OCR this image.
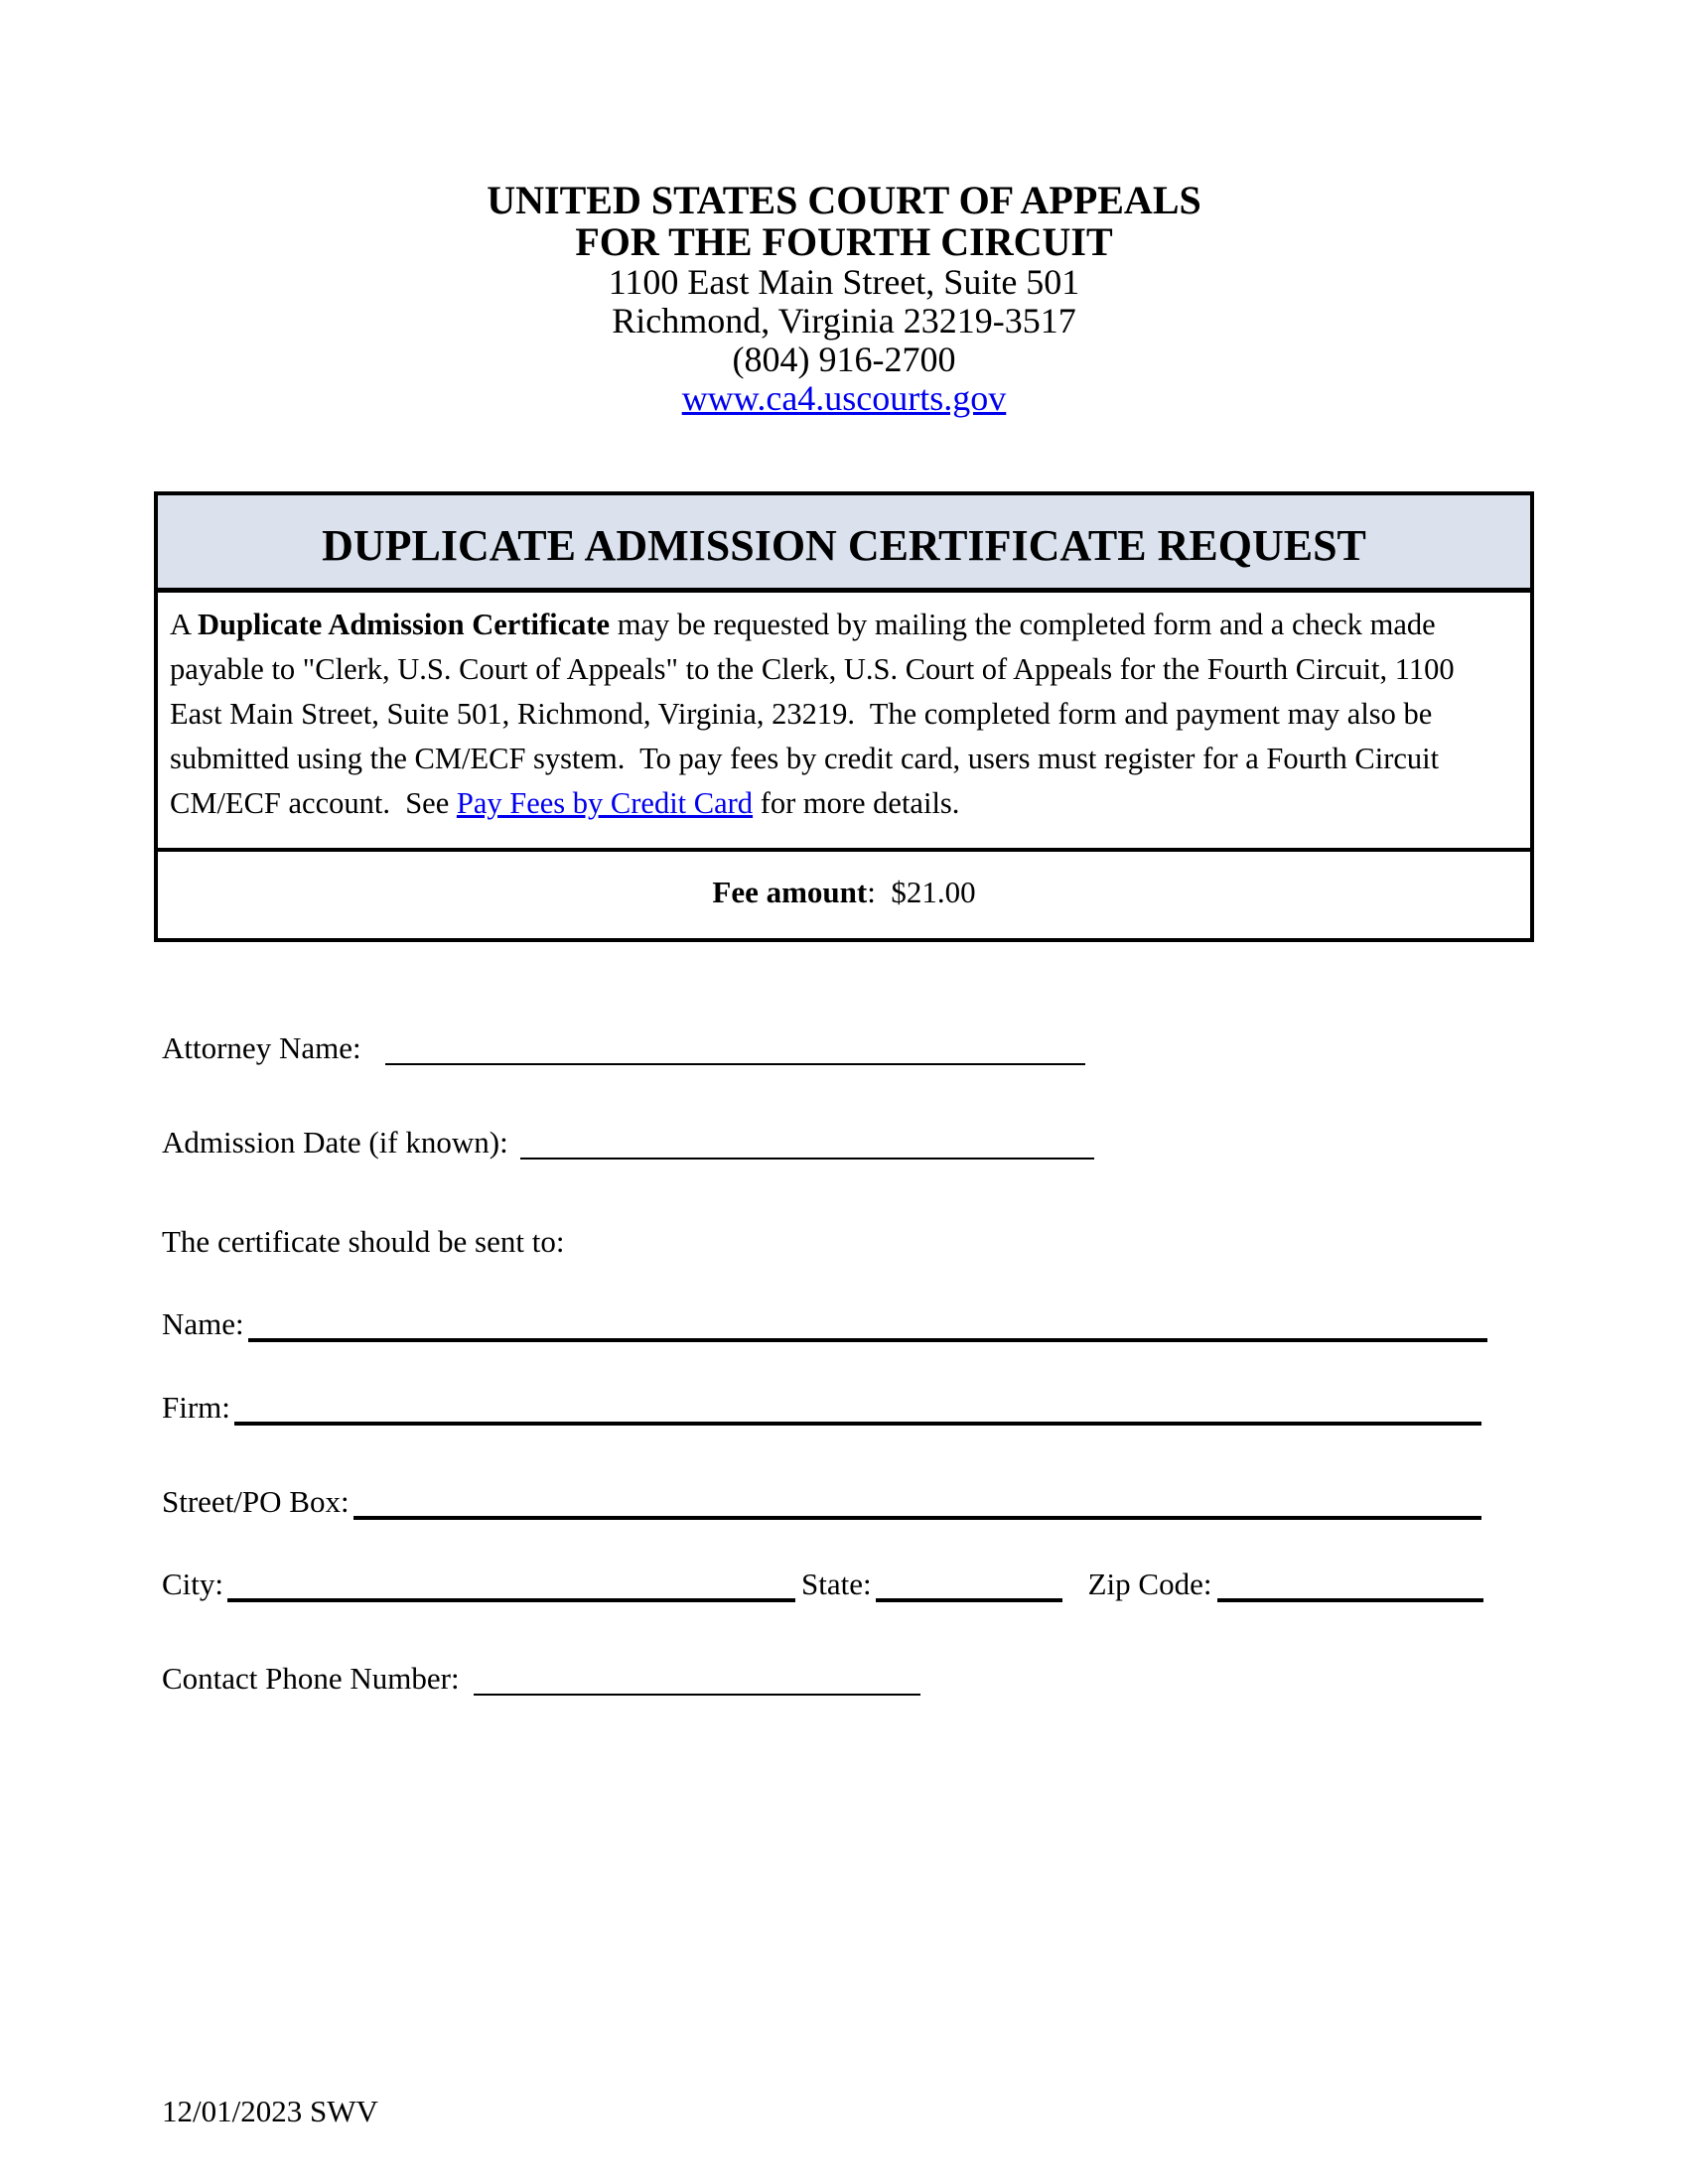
UNITED STATES COURT OF APPEALS
FOR THE FOURTH CIRCUIT
1100 East Main Street, Suite 501
Richmond, Virginia 23219-3517
(804) 916-2700
www.ca4.uscourts.gov
DUPLICATE ADMISSION CERTIFICATE REQUEST
A Duplicate Admission Certificate may be requested by mailing the completed form and a check made payable to "Clerk, U.S. Court of Appeals" to the Clerk, U.S. Court of Appeals for the Fourth Circuit, 1100 East Main Street, Suite 501, Richmond, Virginia, 23219.  The completed form and payment may also be submitted using the CM/ECF system.  To pay fees by credit card, users must register for a Fourth Circuit CM/ECF account.  See Pay Fees by Credit Card for more details.
Fee amount:  $21.00
Attorney Name:
Admission Date (if known):
The certificate should be sent to:
Name:
Firm:
Street/PO Box:
City:	State:	Zip Code:
Contact Phone Number:
12/01/2023 SWV
